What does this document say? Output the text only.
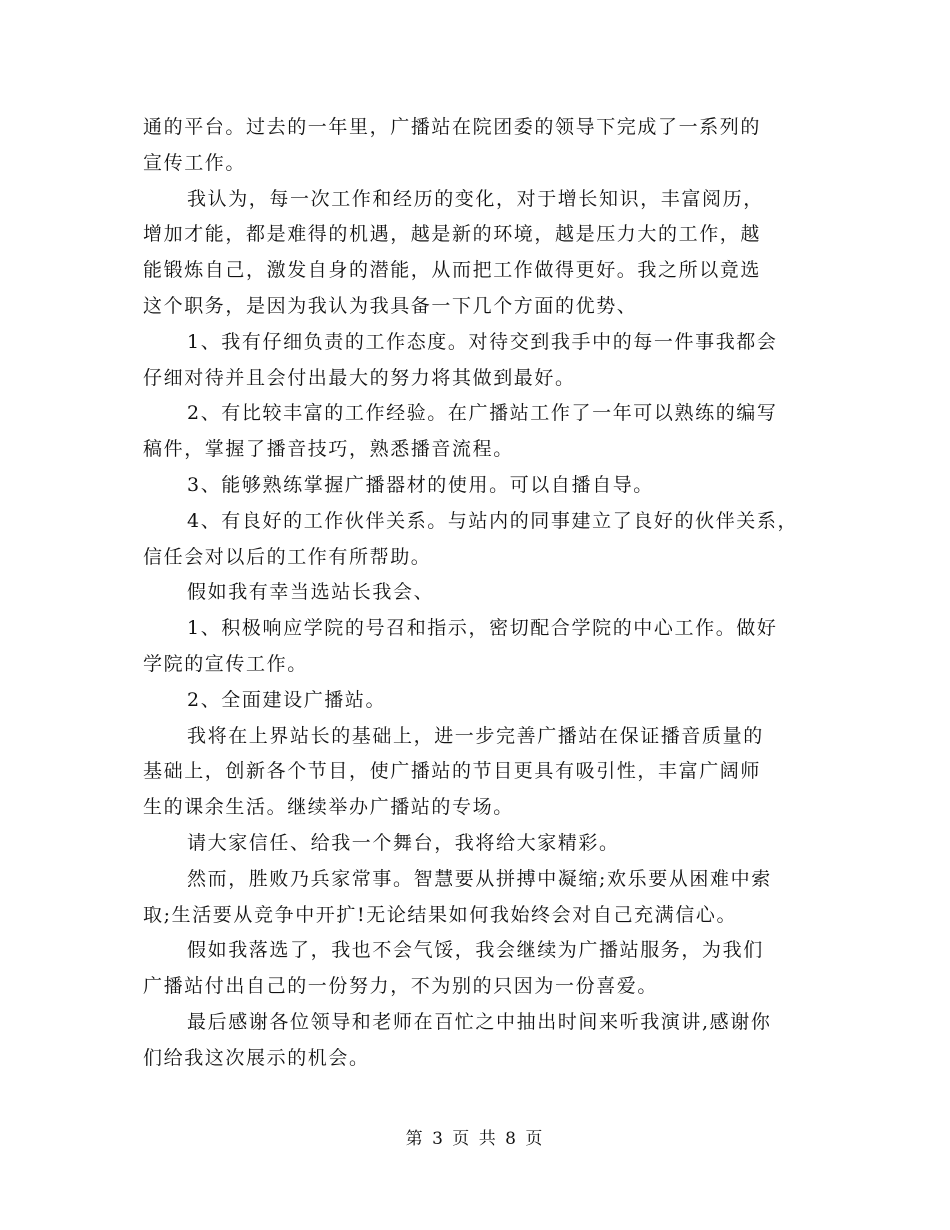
通的平台。过去的一年里，广播站在院团委的领导下完成了一系列的
宣传工作。
我认为，每一次工作和经历的变化，对于增长知识，丰富阅历，
增加才能，都是难得的机遇，越是新的环境，越是压力大的工作，越
能锻炼自己，激发自身的潜能，从而把工作做得更好。我之所以竟选
这个职务，是因为我认为我具备一下几个方面的优势、
1、我有仔细负责的工作态度。对待交到我手中的每一件事我都会
仔细对待并且会付出最大的努力将其做到最好。
2、有比较丰富的工作经验。在广播站工作了一年可以熟练的编写
稿件，掌握了播音技巧，熟悉播音流程。
3、能够熟练掌握广播器材的使用。可以自播自导。
4、有良好的工作伙伴关系。与站内的同事建立了良好的伙伴关系，
信任会对以后的工作有所帮助。
假如我有幸当选站长我会、
1、积极响应学院的号召和指示，密切配合学院的中心工作。做好
学院的宣传工作。
2、全面建设广播站。
我将在上界站长的基础上，进一步完善广播站在保证播音质量的
基础上，创新各个节目，使广播站的节目更具有吸引性，丰富广阔师
生的课余生活。继续举办广播站的专场。
请大家信任、给我一个舞台，我将给大家精彩。
然而，胜败乃兵家常事。智慧要从拼搏中凝缩;欢乐要从困难中索
取;生活要从竞争中开扩!无论结果如何我始终会对自己充满信心。
假如我落选了，我也不会气馁，我会继续为广播站服务，为我们
广播站付出自己的一份努力，不为别的只因为一份喜爱。
最后感谢各位领导和老师在百忙之中抽出时间来听我演讲,感谢你
们给我这次展示的机会。
第 3 页 共 8 页
